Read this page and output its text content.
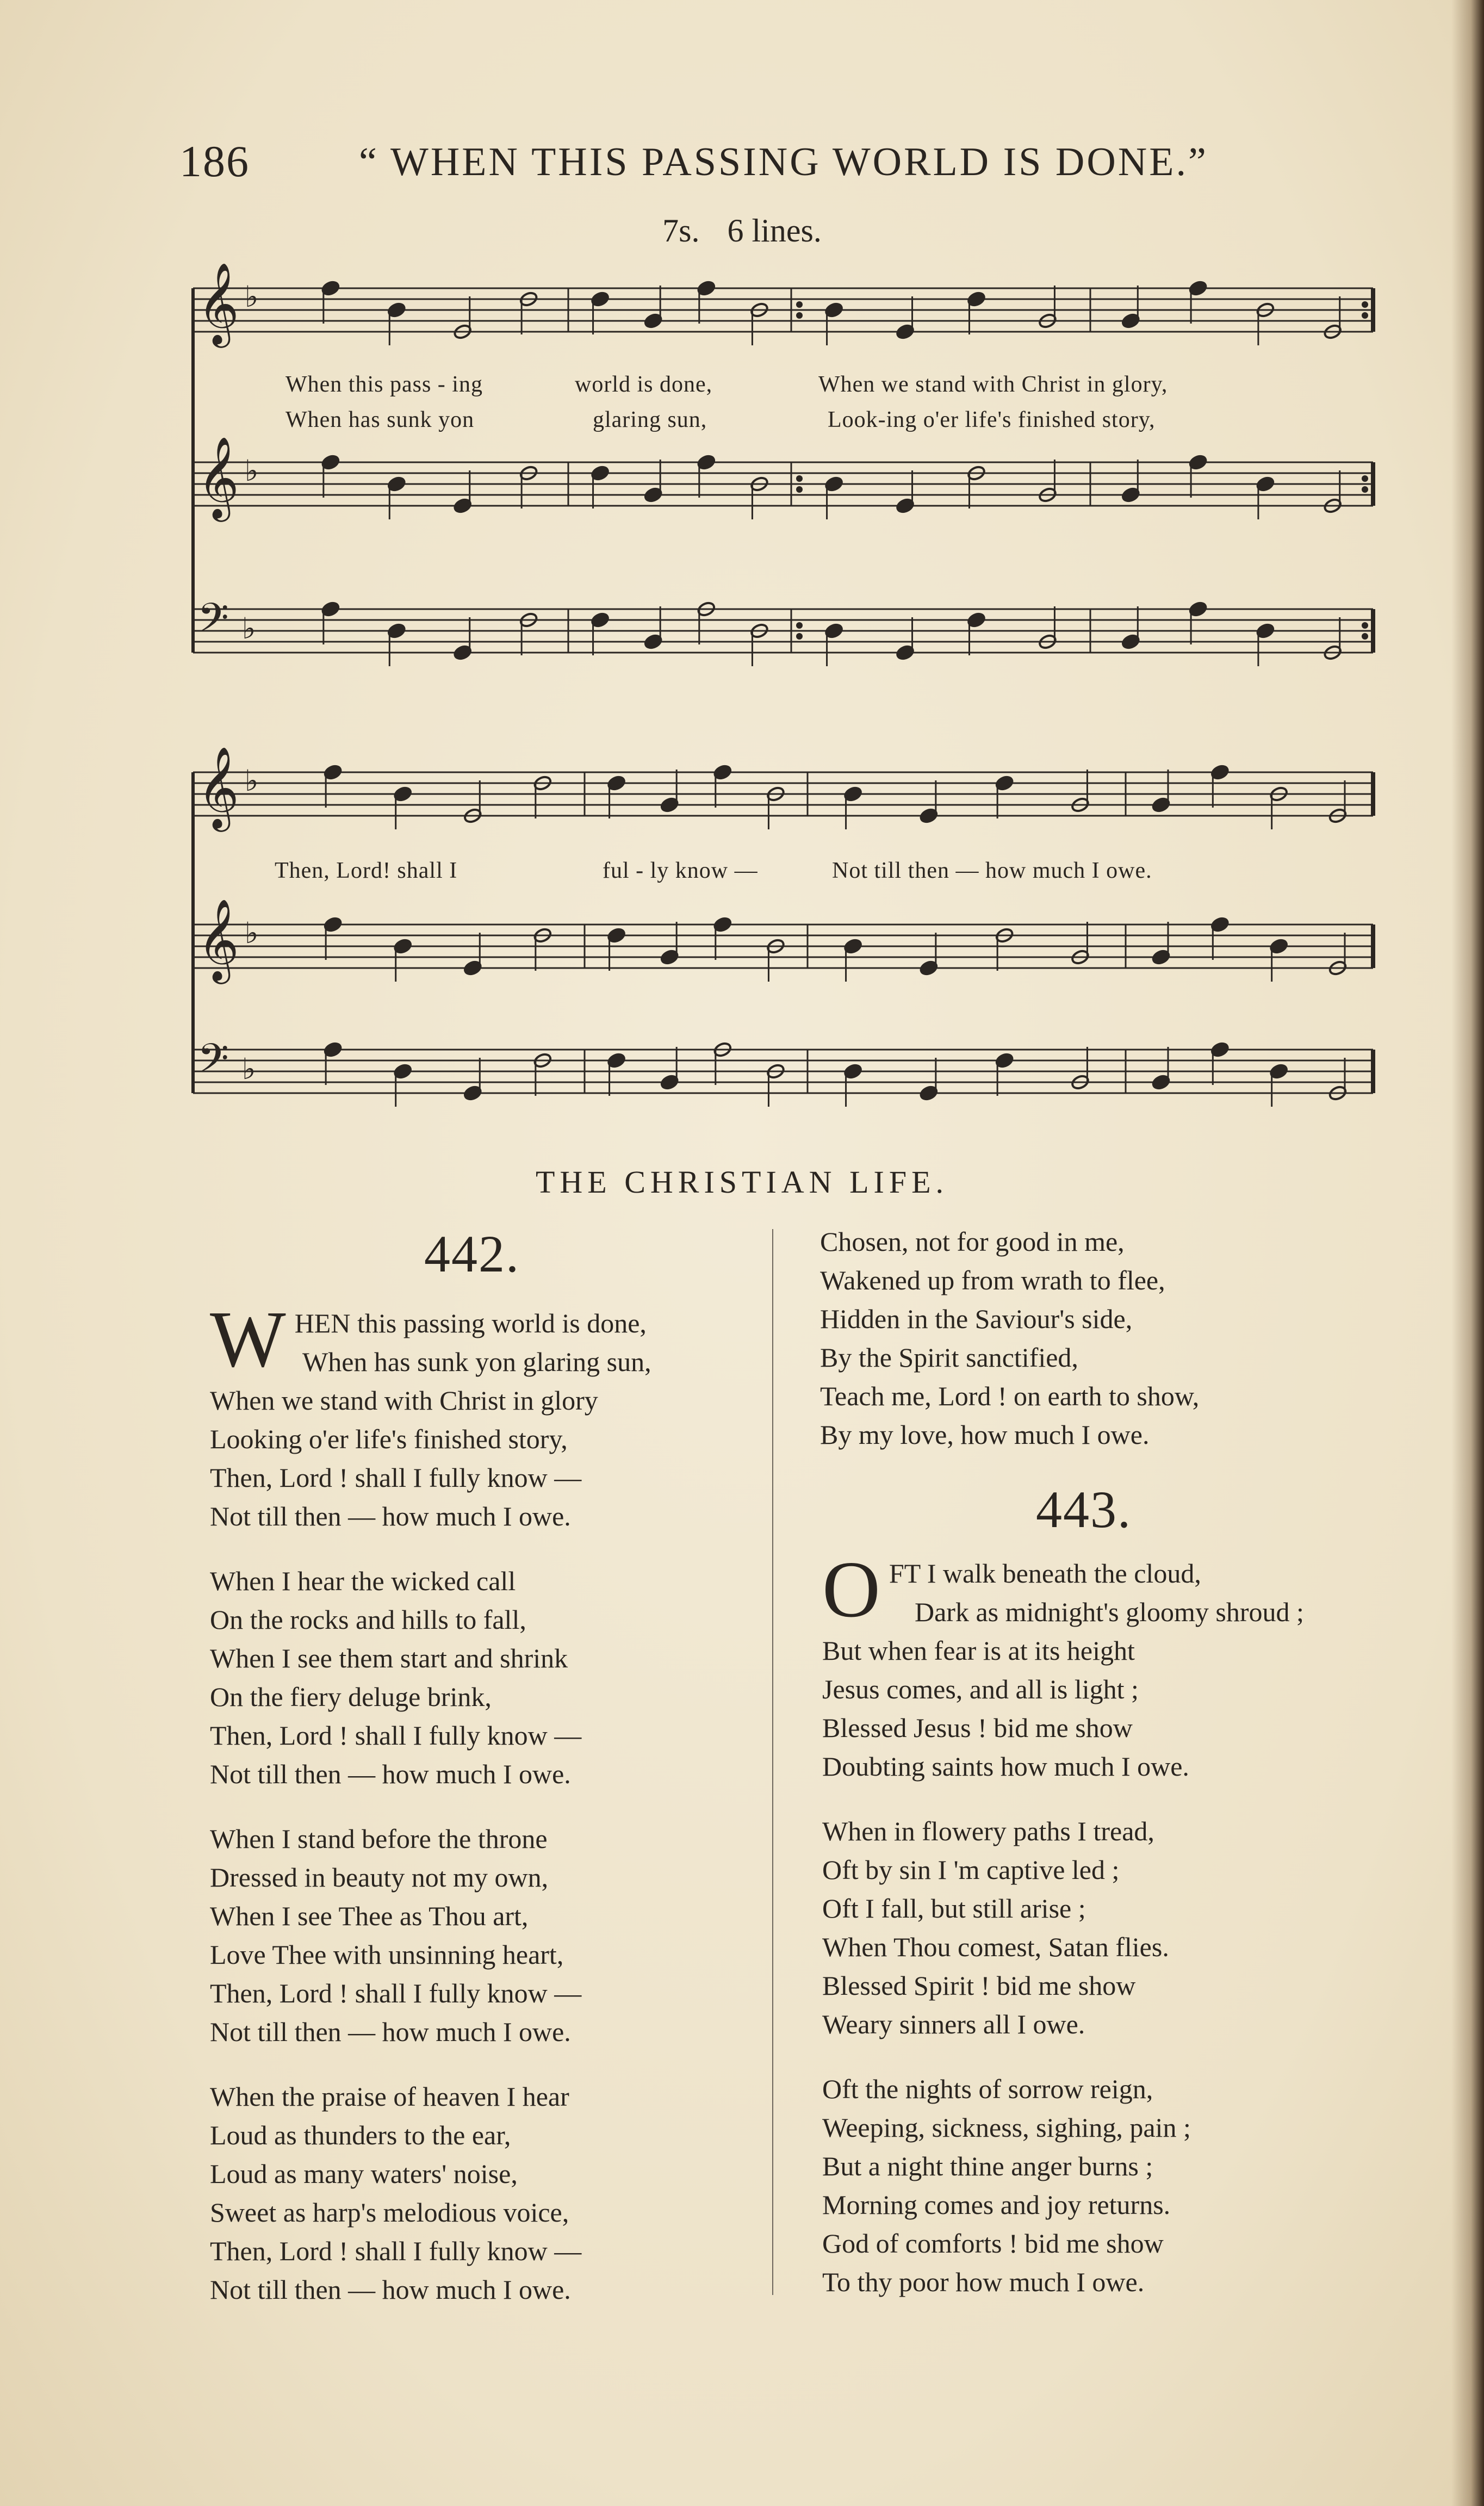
186	“ WHEN THIS PASSING WORLD IS DONE.”
7s. 6 lines.
𝄞 ♭
𝄞 ♭
𝄢 ♭
𝄞 ♭
𝄞 ♭
𝄢 ♭
When this pass - ing	world is done,	When we stand with Christ in glory,
When has sunk yon	glaring sun,	Look-ing o'er life's finished story,
Then, Lord! shall I	ful - ly know —	Not till then — how much I owe.
THE CHRISTIAN LIFE.
442.
W HEN this passing world is done,
When has sunk yon glaring sun,
When we stand with Christ in glory
Looking o'er life's finished story,
Then, Lord ! shall I fully know —
Not till then — how much I owe.
When I hear the wicked call
On the rocks and hills to fall,
When I see them start and shrink
On the fiery deluge brink,
Then, Lord ! shall I fully know —
Not till then — how much I owe.
When I stand before the throne
Dressed in beauty not my own,
When I see Thee as Thou art,
Love Thee with unsinning heart,
Then, Lord ! shall I fully know —
Not till then — how much I owe.
When the praise of heaven I hear
Loud as thunders to the ear,
Loud as many waters' noise,
Sweet as harp's melodious voice,
Then, Lord ! shall I fully know —
Not till then — how much I owe.
Chosen, not for good in me,
Wakened up from wrath to flee,
Hidden in the Saviour's side,
By the Spirit sanctified,
Teach me, Lord ! on earth to show,
By my love, how much I owe.
443.
O FT I walk beneath the cloud,
Dark as midnight's gloomy shroud ;
But when fear is at its height
Jesus comes, and all is light ;
Blessed Jesus ! bid me show
Doubting saints how much I owe.
When in flowery paths I tread,
Oft by sin I 'm captive led ;
Oft I fall, but still arise ;
When Thou comest, Satan flies.
Blessed Spirit ! bid me show
Weary sinners all I owe.
Oft the nights of sorrow reign,
Weeping, sickness, sighing, pain ;
But a night thine anger burns ;
Morning comes and joy returns.
God of comforts ! bid me show
To thy poor how much I owe.
